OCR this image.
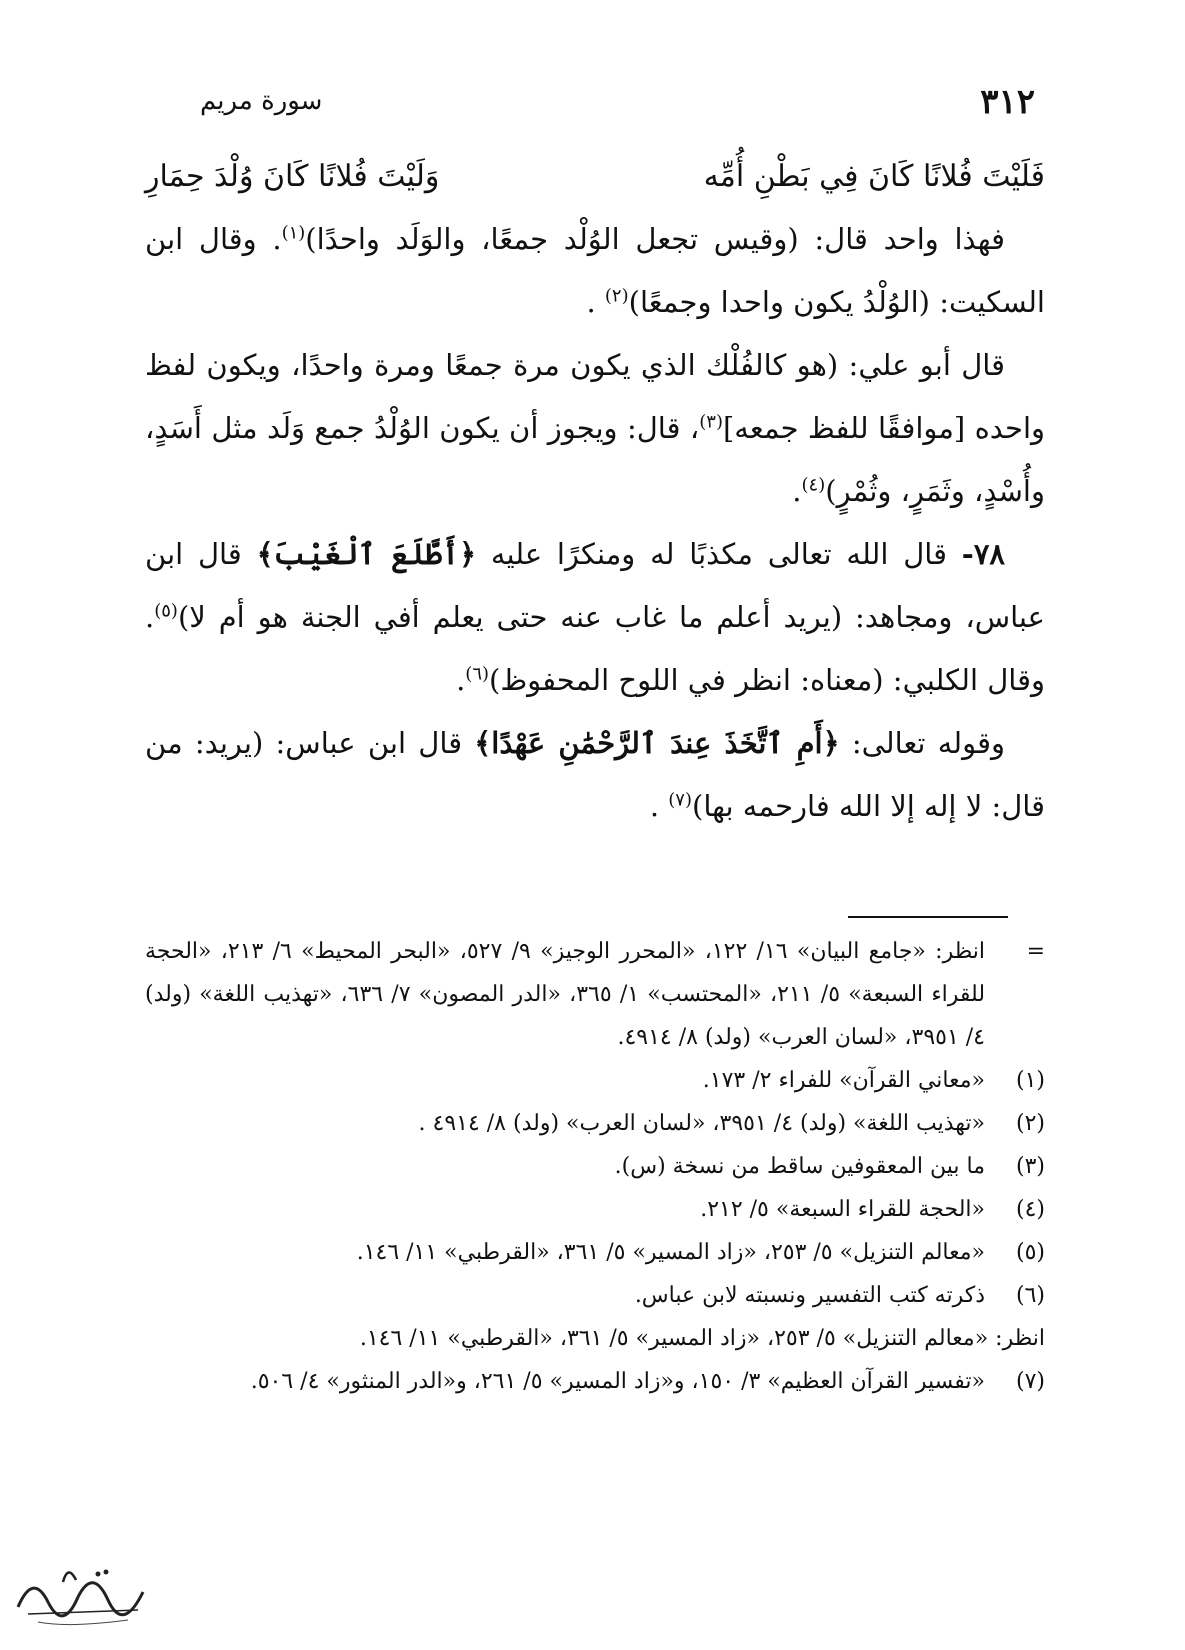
٣١٢
سورة مريم
فَلَيْتَ فُلانًا كَانَ فِي بَطْنِ أُمِّه
وَلَيْتَ فُلانًا كَانَ وُلْدَ حِمَارِ

فهذا واحد قال: (وقيس تجعل الوُلْد جمعًا، والوَلَد واحدًا)$^{(١)}$. وقال ابن السكيت: (الوُلْدُ يكون واحدا وجمعًا)$^{(٢)}$ .

قال أبو علي: (هو كالفُلْك الذي يكون مرة جمعًا ومرة واحدًا، ويكون لفظ واحده [موافقًا للفظ جمعه]$^{(٣)}$، قال: ويجوز أن يكون الوُلْدُ جمع وَلَد مثل أَسَدٍ، وأُسْدٍ، وثَمَرٍ، وثُمْرٍ)$^{(٤)}$.

٧٨- قال الله تعالى مكذبًا له ومنكرًا عليه ﴿أَطَّلَعَ ٱلْغَيْبَ﴾ قال ابن عباس، ومجاهد: (يريد أعلم ما غاب عنه حتى يعلم أفي الجنة هو أم لا)$^{(٥)}$. وقال الكلبي: (معناه: انظر في اللوح المحفوظ)$^{(٦)}$.

وقوله تعالى: ﴿أَمِ ٱتَّخَذَ عِندَ ٱلرَّحْمَٰنِ عَهْدًا﴾ قال ابن عباس: (يريد: من قال: لا إله إلا الله فارحمه بها)$^{(٧)}$ .

=
انظر: «جامع البيان» ١٦/ ١٢٢، «المحرر الوجيز» ٩/ ٥٢٧، «البحر المحيط» ٦/ ٢١٣، «الحجة للقراء السبعة» ٥/ ٢١١، «المحتسب» ١/ ٣٦٥، «الدر المصون» ٧/ ٦٣٦، «تهذيب اللغة» (ولد) ٤/ ٣٩٥١، «لسان العرب» (ولد) ٨/ ٤٩١٤.
(١)
«معاني القرآن» للفراء ٢/ ١٧٣.
(٢)
«تهذيب اللغة» (ولد) ٤/ ٣٩٥١، «لسان العرب» (ولد) ٨/ ٤٩١٤ .
(٣)
ما بين المعقوفين ساقط من نسخة (س).
(٤)
«الحجة للقراء السبعة» ٥/ ٢١٢.
(٥)
«معالم التنزيل» ٥/ ٢٥٣، «زاد المسير» ٥/ ٣٦١، «القرطبي» ١١/ ١٤٦.
(٦)
ذكرته كتب التفسير ونسبته لابن عباس.
انظر: «معالم التنزيل» ٥/ ٢٥٣، «زاد المسير» ٥/ ٣٦١، «القرطبي» ١١/ ١٤٦.
(٧)
«تفسير القرآن العظيم» ٣/ ١٥٠، و«زاد المسير» ٥/ ٢٦١، و«الدر المنثور» ٤/ ٥٠٦.
